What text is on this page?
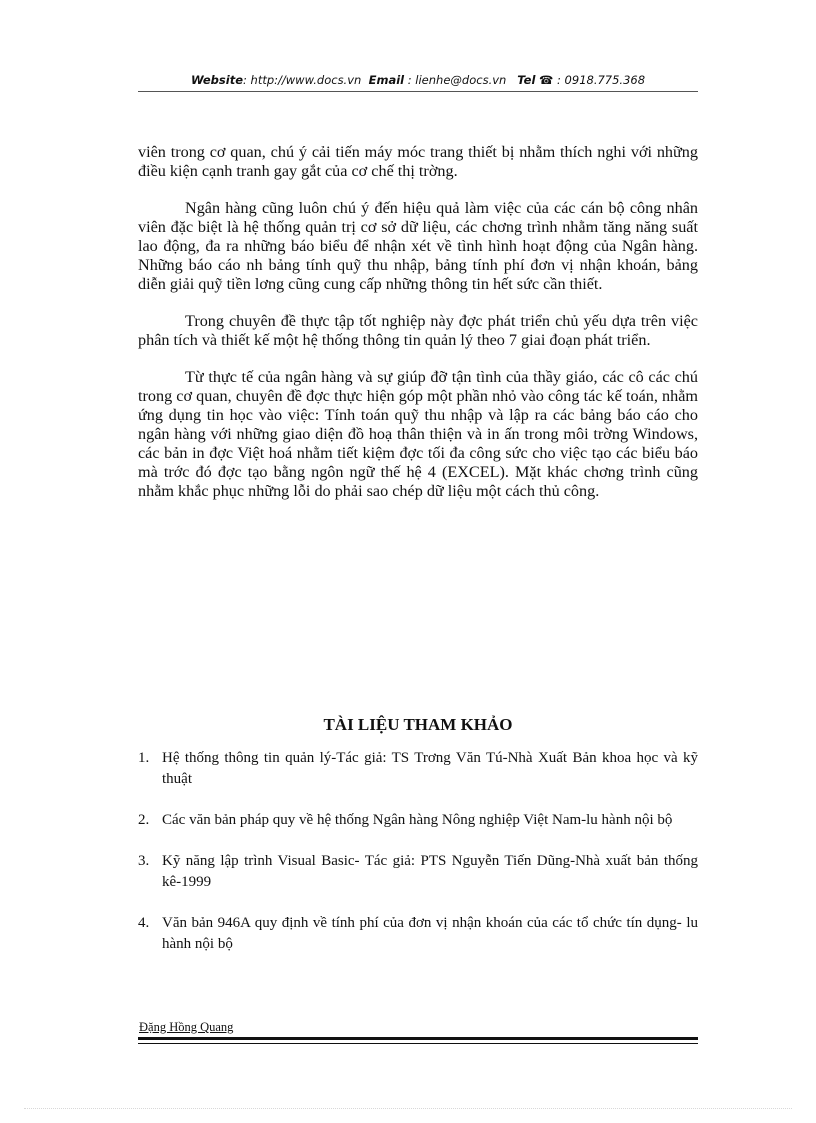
Website: http://www.docs.vn Email : lienhe@docs.vn Tel ☎ : 0918.775.368

viên trong cơ quan, chú ý cải tiến máy móc trang thiết bị nhằm thích nghi với những điều kiện cạnh tranh gay gắt của cơ chế thị trờng.

Ngân hàng cũng luôn chú ý đến hiệu quả làm việc của các cán bộ công nhân viên đặc biệt là hệ thống quản trị cơ sở dữ liệu, các chơng trình nhằm tăng năng suất lao động, đa ra những báo biểu để nhận xét về tình hình hoạt động của Ngân hàng. Những báo cáo nh bảng tính quỹ thu nhập, bảng tính phí đơn vị nhận khoán, bảng diễn giải quỹ tiền lơng cũng cung cấp những thông tin hết sức cần thiết.

Trong chuyên đề thực tập tốt nghiệp này đợc phát triển chủ yếu dựa trên việc phân tích và thiết kế một hệ thống thông tin quản lý theo 7 giai đoạn phát triển.

Từ thực tế của ngân hàng và sự giúp đỡ tận tình của thầy giáo, các cô các chú trong cơ quan, chuyên đề đợc thực hiện góp một phần nhỏ vào công tác kế toán, nhằm ứng dụng tin học vào việc: Tính toán quỹ thu nhập và lập ra các bảng báo cáo cho ngân hàng với những giao diện đồ hoạ thân thiện và in ấn trong môi trờng Windows, các bản in đợc Việt hoá nhằm tiết kiệm đợc tối đa công sức cho việc tạo các biểu báo mà trớc đó đợc tạo bằng ngôn ngữ thế hệ 4 (EXCEL). Mặt khác chơng trình cũng nhằm khắc phục những lỗi do phải sao chép dữ liệu một cách thủ công.

TÀI LIỆU THAM KHẢO
1. Hệ thống thông tin quản lý-Tác giả: TS Trơng Văn Tú-Nhà Xuất Bản khoa học và kỹ thuật
2. Các văn bản pháp quy về hệ thống Ngân hàng Nông nghiệp Việt Nam-lu hành nội bộ
3. Kỹ năng lập trình Visual Basic- Tác giả: PTS Nguyễn Tiến Dũng-Nhà xuất bản thống kê-1999
4. Văn bản 946A quy định về tính phí của đơn vị nhận khoán của các tổ chức tín dụng- lu hành nội bộ
Đặng Hồng Quang
